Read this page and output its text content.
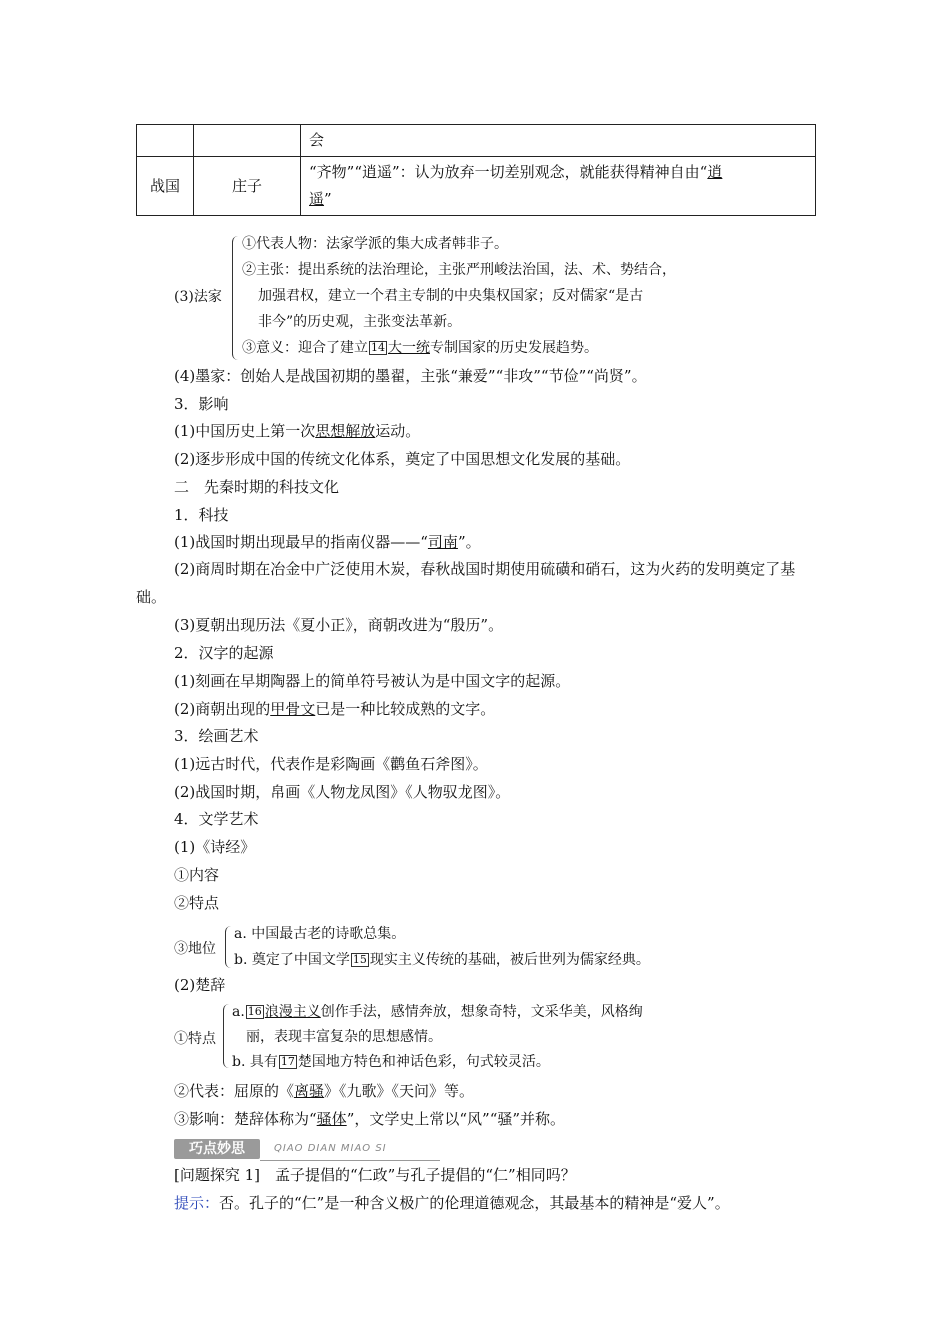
		会
战国	庄子	“齐物”“逍遥”：认为放弃一切差别观念，就能获得精神自由“逍
遥”
(3)法家
①代表人物：法家学派的集大成者韩非子。
②主张：提出系统的法治理论，主张严刑峻法治国，法、术、势结合，
加强君权，建立一个君主专制的中央集权国家；反对儒家“是古
非今”的历史观，主张变法革新。
③意义：迎合了建立 14 大一统专制国家的历史发展趋势。
(4)墨家：创始人是战国初期的墨翟，主张“兼爱”“非攻”“节俭”“尚贤”。
3．影响
(1)中国历史上第一次思想解放运动。
(2)逐步形成中国的传统文化体系，奠定了中国思想文化发展的基础。
二　先秦时期的科技文化
1．科技
(1)战国时期出现最早的指南仪器——“司南”。
(2)商周时期在冶金中广泛使用木炭，春秋战国时期使用硫磺和硝石，这为火药的发明奠定了基础。
(3)夏朝出现历法《夏小正》，商朝改进为“殷历”。
2．汉字的起源
(1)刻画在早期陶器上的简单符号被认为是中国文字的起源。
(2)商朝出现的甲骨文已是一种比较成熟的文字。
3．绘画艺术
(1)远古时代，代表作是彩陶画《鹳鱼石斧图》。
(2)战国时期，帛画《人物龙凤图》《人物驭龙图》。
4．文学艺术
(1)《诗经》
①内容
②特点
③地位
a. 中国最古老的诗歌总集。
b. 奠定了中国文学 15 现实主义传统的基础，被后世列为儒家经典。
(2)楚辞
①特点
a. 16 浪漫主义创作手法，感情奔放，想象奇特，文采华美，风格绚
丽，表现丰富复杂的思想感情。
b. 具有 17 楚国地方特色和神话色彩，句式较灵活。
②代表：屈原的《离骚》《九歌》《天问》等。
③影响：楚辞体称为“骚体”，文学史上常以“风”“骚”并称。
巧点妙思	QIAO DIAN MIAO SI
[问题探究 1]　孟子提倡的“仁政”与孔子提倡的“仁”相同吗？
提示：否。孔子的“仁”是一种含义极广的伦理道德观念，其最基本的精神是“爱人”。
